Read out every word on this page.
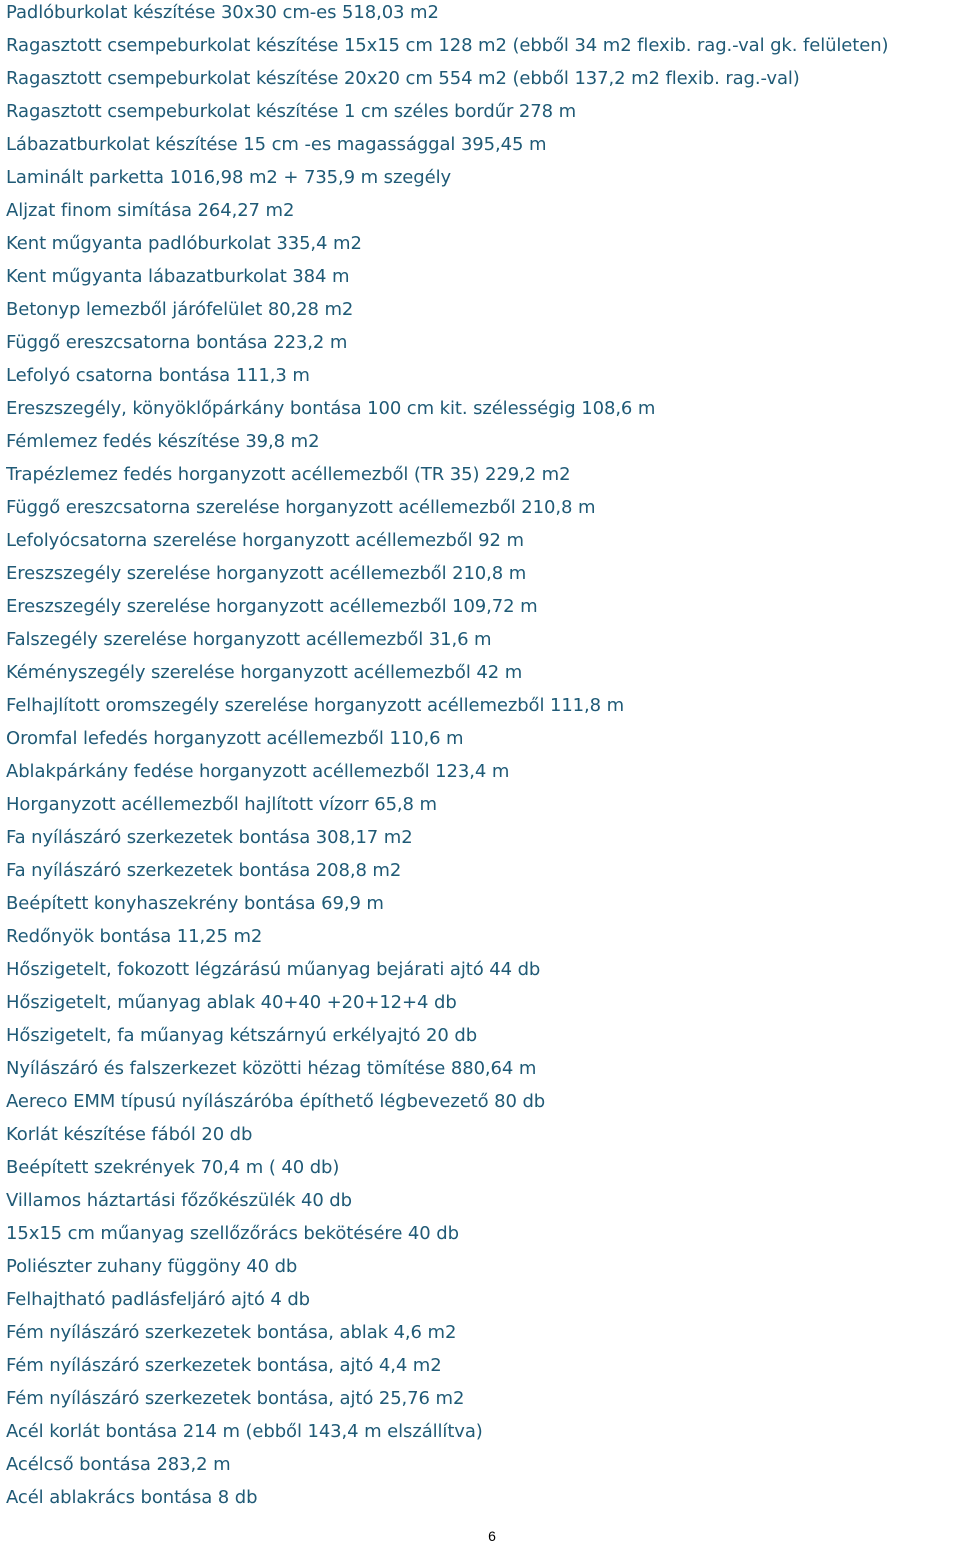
Padlóburkolat készítése 30x30 cm-es 518,03 m2
Ragasztott csempeburkolat készítése 15x15 cm 128 m2 (ebből 34 m2 flexib. rag.-val gk. felületen)
Ragasztott csempeburkolat készítése 20x20 cm 554 m2 (ebből 137,2 m2 flexib. rag.-val)
Ragasztott csempeburkolat készítése 1 cm széles bordűr 278 m
Lábazatburkolat készítése 15 cm -es magassággal 395,45 m
Laminált parketta 1016,98 m2 + 735,9 m szegély
Aljzat finom simítása 264,27 m2
Kent műgyanta padlóburkolat 335,4 m2
Kent műgyanta lábazatburkolat 384 m
Betonyp lemezből járófelület 80,28 m2
Függő ereszcsatorna bontása 223,2 m
Lefolyó csatorna bontása 111,3 m
Ereszszegély, könyöklőpárkány bontása 100 cm kit. szélességig 108,6 m
Fémlemez fedés készítése 39,8 m2
Trapézlemez fedés horganyzott acéllemezből (TR 35) 229,2 m2
Függő ereszcsatorna szerelése horganyzott acéllemezből 210,8 m
Lefolyócsatorna szerelése horganyzott acéllemezből 92 m
Ereszszegély szerelése horganyzott acéllemezből 210,8 m
Ereszszegély szerelése horganyzott acéllemezből 109,72 m
Falszegély szerelése horganyzott acéllemezből 31,6 m
Kéményszegély szerelése horganyzott acéllemezből 42 m
Felhajlított oromszegély szerelése horganyzott acéllemezből 111,8 m
Oromfal lefedés horganyzott acéllemezből 110,6 m
Ablakpárkány fedése horganyzott acéllemezből 123,4 m
Horganyzott acéllemezből hajlított vízorr 65,8 m
Fa nyílászáró szerkezetek bontása 308,17 m2
Fa nyílászáró szerkezetek bontása 208,8 m2
Beépített konyhaszekrény bontása 69,9 m
Redőnyök bontása 11,25 m2
Hőszigetelt, fokozott légzárású műanyag bejárati ajtó 44 db
Hőszigetelt, műanyag ablak 40+40 +20+12+4 db
Hőszigetelt, fa műanyag kétszárnyú erkélyajtó 20 db
Nyílászáró és falszerkezet közötti hézag tömítése 880,64 m
Aereco EMM típusú nyílászáróba építhető légbevezető 80 db
Korlát készítése fából 20 db
Beépített szekrények 70,4 m ( 40 db)
Villamos háztartási főzőkészülék 40 db
15x15 cm műanyag szellőzőrács bekötésére 40 db
Poliészter zuhany függöny 40 db
Felhajtható padlásfeljáró ajtó 4 db
Fém nyílászáró szerkezetek bontása, ablak 4,6 m2
Fém nyílászáró szerkezetek bontása, ajtó 4,4 m2
Fém nyílászáró szerkezetek bontása, ajtó 25,76 m2
Acél korlát bontása 214 m (ebből 143,4 m elszállítva)
Acélcső bontása 283,2 m
Acél ablakrács bontása 8 db
6
